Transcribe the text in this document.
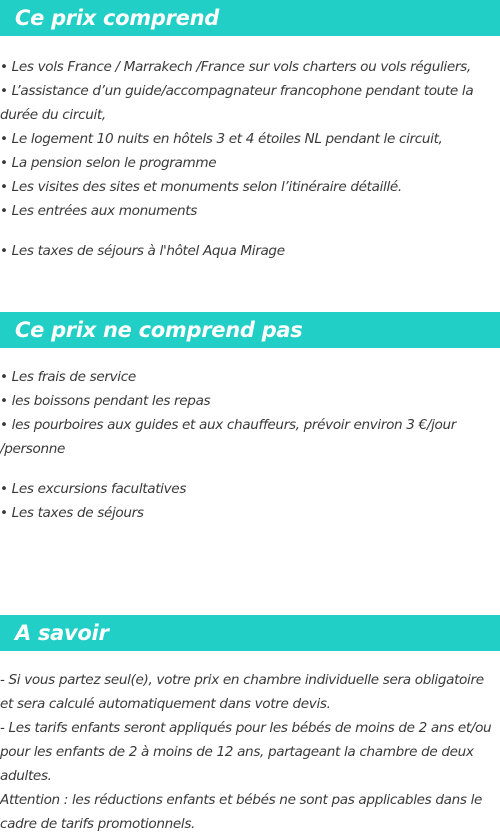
Ce prix comprend
• Les vols France / Marrakech /France sur vols charters ou vols réguliers,
• L’assistance d’un guide/accompagnateur francophone pendant toute la durée du circuit,
• Le logement 10 nuits en hôtels 3 et 4 étoiles NL pendant le circuit,
• La pension selon le programme
• Les visites des sites et monuments selon l’itinéraire détaillé.
• Les entrées aux monuments
• Les taxes de séjours à l'hôtel Aqua Mirage
Ce prix ne comprend pas
• Les frais de service
• les boissons pendant les repas
• les pourboires aux guides et aux chauffeurs, prévoir environ 3 €/jour /personne
• Les excursions facultatives
• Les taxes de séjours
A savoir
- Si vous partez seul(e), votre prix en chambre individuelle sera obligatoire et sera calculé automatiquement dans votre devis.
- Les tarifs enfants seront appliqués pour les bébés de moins de 2 ans et/ou pour les enfants de 2 à moins de 12 ans, partageant la chambre de deux adultes.
Attention : les réductions enfants et bébés ne sont pas applicables dans le cadre de tarifs promotionnels.
